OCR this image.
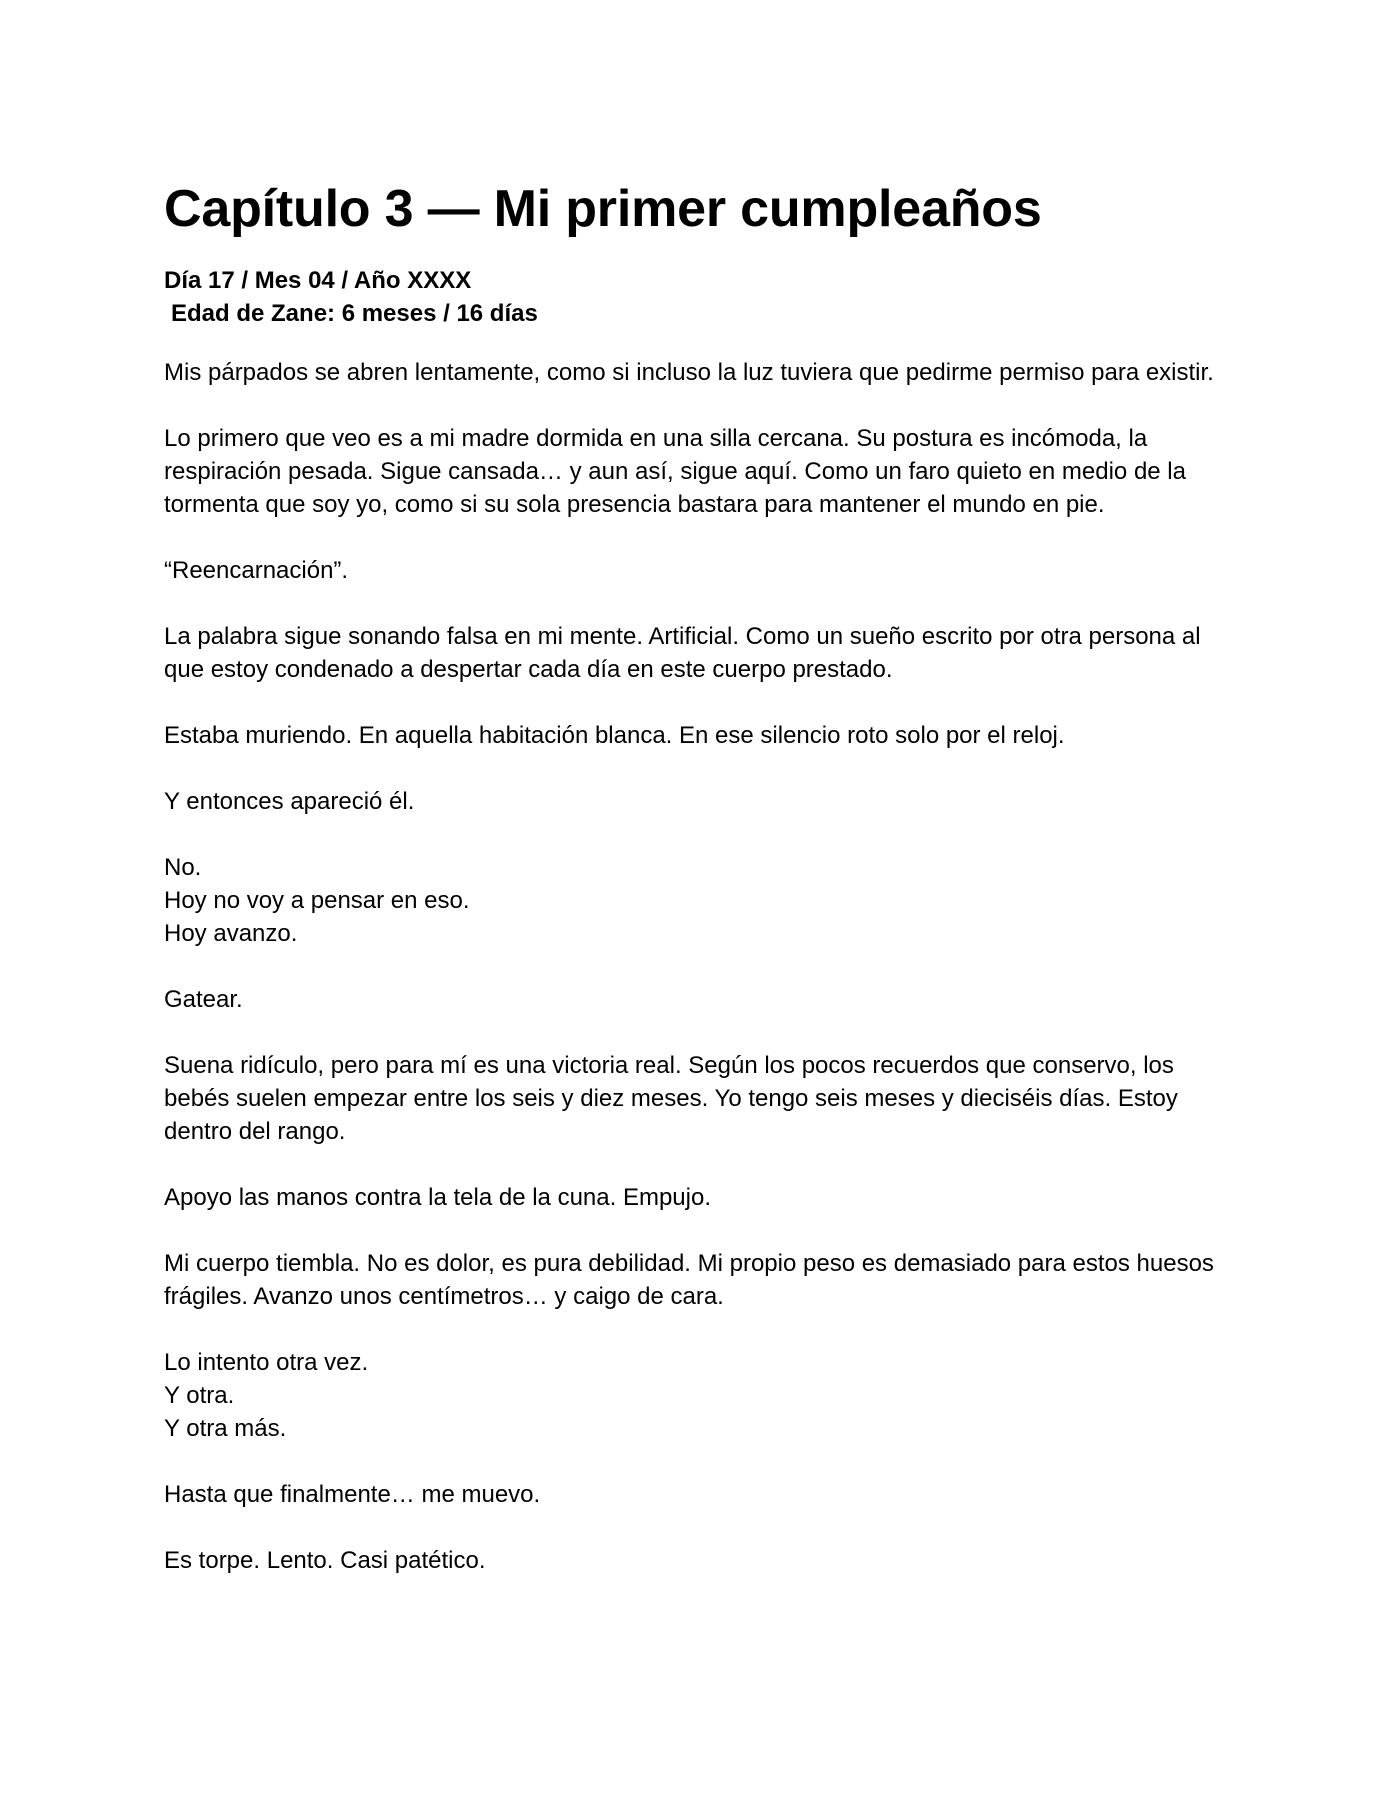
Capítulo 3 — Mi primer cumpleaños
Día 17 / Mes 04 / Año XXXX
Edad de Zane: 6 meses / 16 días

Mis párpados se abren lentamente, como si incluso la luz tuviera que pedirme permiso para existir.

Lo primero que veo es a mi madre dormida en una silla cercana. Su postura es incómoda, la respiración pesada. Sigue cansada… y aun así, sigue aquí. Como un faro quieto en medio de la tormenta que soy yo, como si su sola presencia bastara para mantener el mundo en pie.

“Reencarnación”.

La palabra sigue sonando falsa en mi mente. Artificial. Como un sueño escrito por otra persona al que estoy condenado a despertar cada día en este cuerpo prestado.

Estaba muriendo. En aquella habitación blanca. En ese silencio roto solo por el reloj.

Y entonces apareció él.

No.
Hoy no voy a pensar en eso.
Hoy avanzo.

Gatear.

Suena ridículo, pero para mí es una victoria real. Según los pocos recuerdos que conservo, los bebés suelen empezar entre los seis y diez meses. Yo tengo seis meses y dieciséis días. Estoy dentro del rango.

Apoyo las manos contra la tela de la cuna. Empujo.

Mi cuerpo tiembla. No es dolor, es pura debilidad. Mi propio peso es demasiado para estos huesos frágiles. Avanzo unos centímetros… y caigo de cara.

Lo intento otra vez.
Y otra.
Y otra más.

Hasta que finalmente… me muevo.

Es torpe. Lento. Casi patético.
